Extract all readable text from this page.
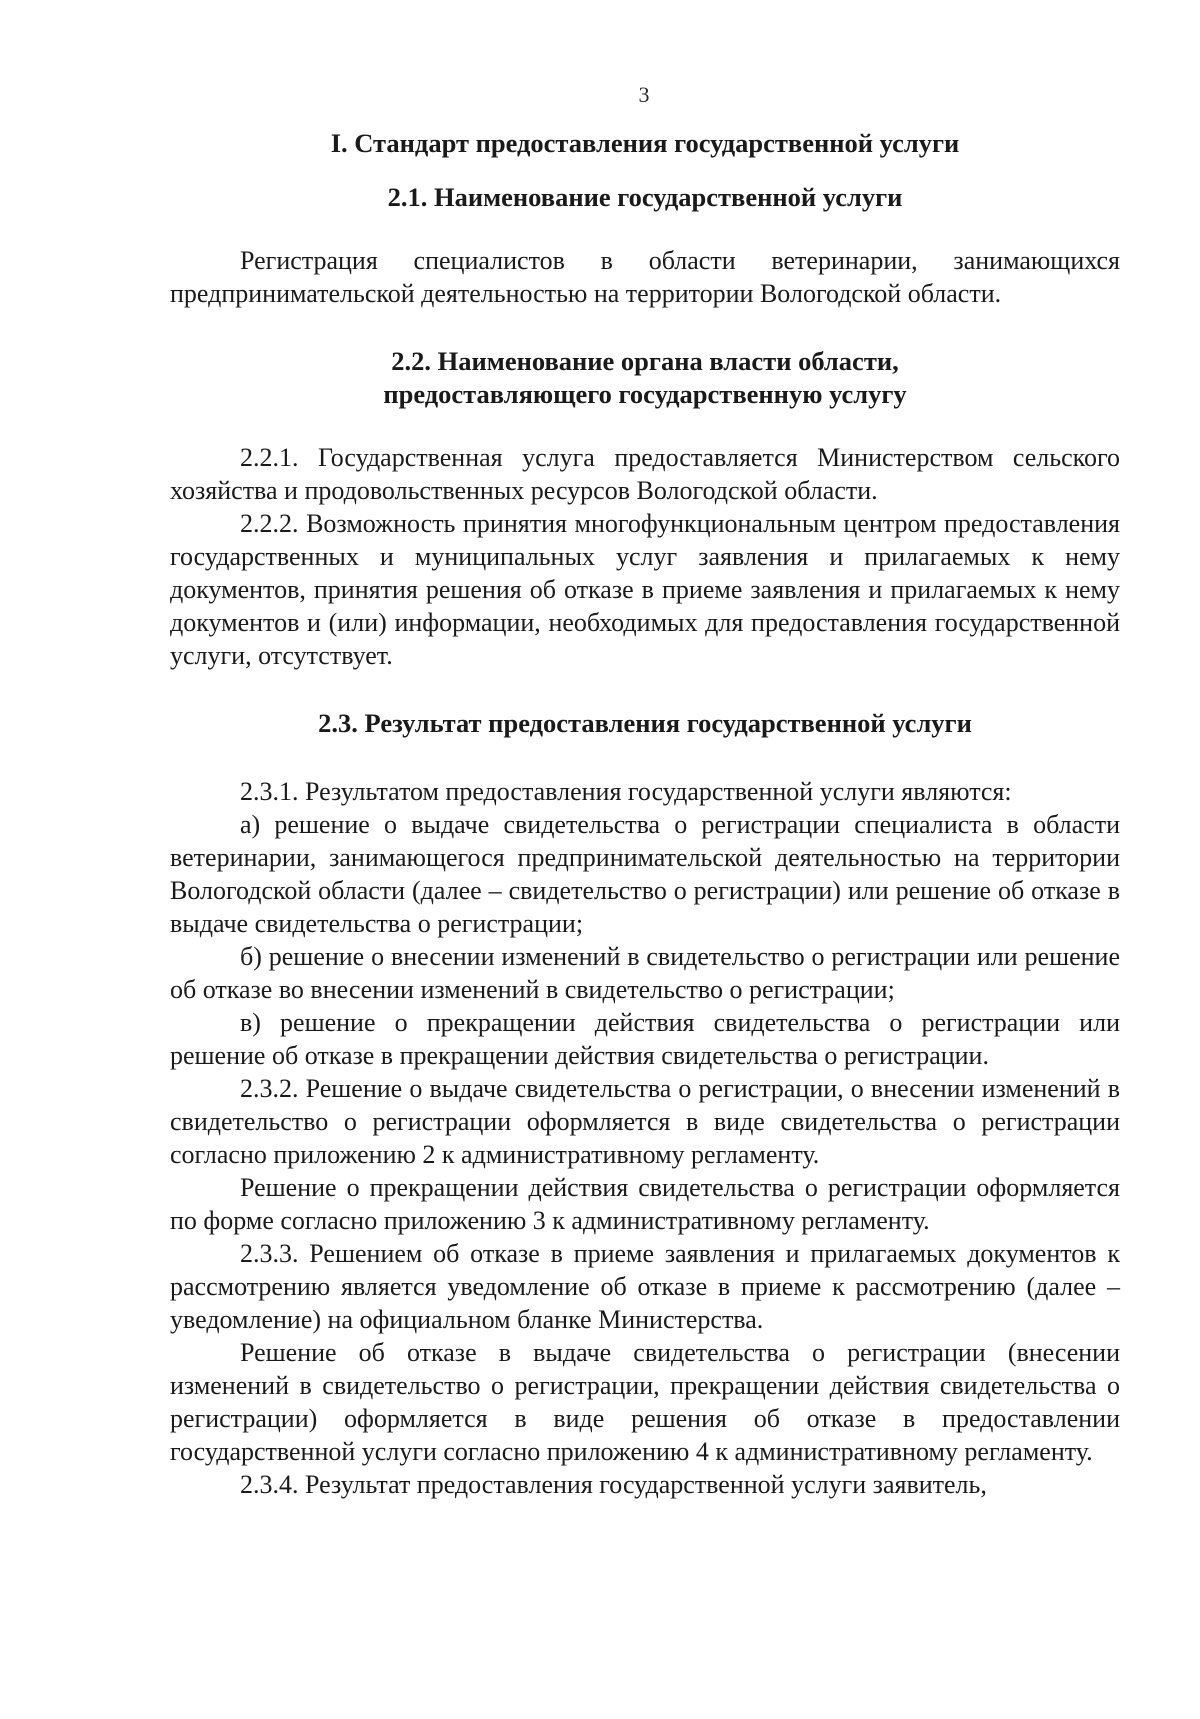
3
I. Стандарт предоставления государственной услуги
2.1. Наименование государственной услуги

Регистрация специалистов в области ветеринарии, занимающихся предпринимательской деятельностью на территории Вологодской области.

2.2. Наименование органа власти области,
предоставляющего государственную услугу

2.2.1. Государственная услуга предоставляется Министерством сельского хозяйства и продовольственных ресурсов Вологодской области.

2.2.2. Возможность принятия многофункциональным центром предоставления государственных и муниципальных услуг заявления и прилагаемых к нему документов, принятия решения об отказе в приеме заявления и прилагаемых к нему документов и (или) информации, необходимых для предоставления государственной услуги, отсутствует.

2.3. Результат предоставления государственной услуги

2.3.1. Результатом предоставления государственной услуги являются:

а) решение о выдаче свидетельства о регистрации специалиста в области ветеринарии, занимающегося предпринимательской деятельностью на территории Вологодской области (далее – свидетельство о регистрации) или решение об отказе в выдаче свидетельства о регистрации;

б) решение о внесении изменений в свидетельство о регистрации или решение об отказе во внесении изменений в свидетельство о регистрации;

в) решение о прекращении действия свидетельства о регистрации или решение об отказе в прекращении действия свидетельства о регистрации.

2.3.2. Решение о выдаче свидетельства о регистрации, о внесении изменений в свидетельство о регистрации оформляется в виде свидетельства о регистрации согласно приложению 2 к административному регламенту.

Решение о прекращении действия свидетельства о регистрации оформляется по форме согласно приложению 3 к административному регламенту.

2.3.3. Решением об отказе в приеме заявления и прилагаемых документов к рассмотрению является уведомление об отказе в приеме к рассмотрению (далее – уведомление) на официальном бланке Министерства.

Решение об отказе в выдаче свидетельства о регистрации (внесении изменений в свидетельство о регистрации, прекращении действия свидетельства о регистрации) оформляется в виде решения об отказе в предоставлении государственной услуги согласно приложению 4 к административному регламенту.

2.3.4. Результат предоставления государственной услуги заявитель,
